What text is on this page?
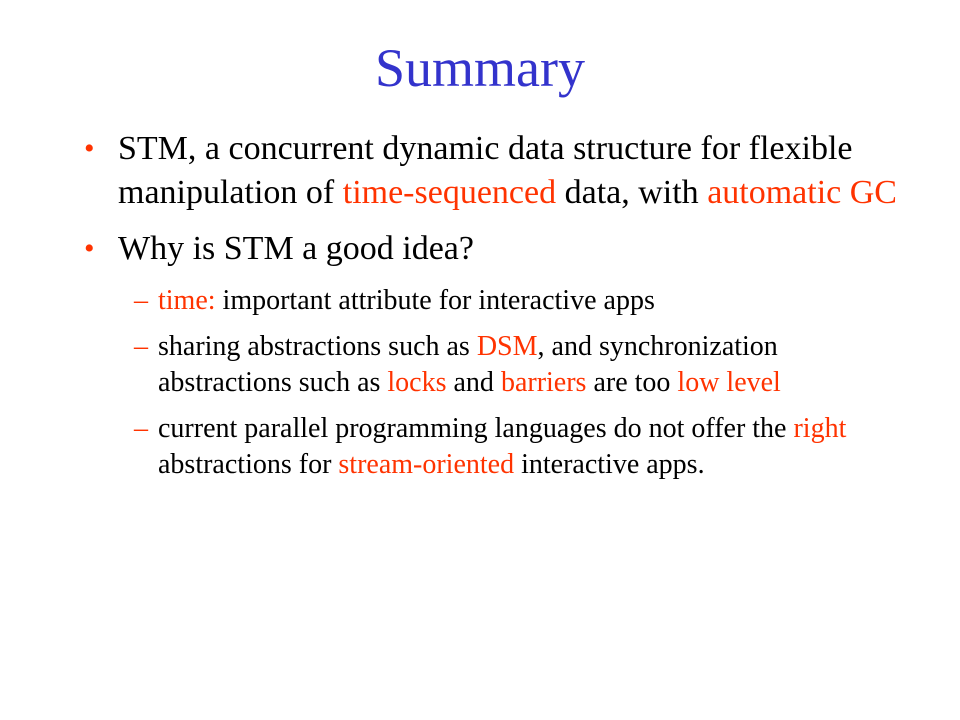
Summary
• STM, a concurrent dynamic data structure for flexible manipulation of time-sequenced data, with automatic GC
• Why is STM a good idea?
– time: important attribute for interactive apps
– sharing abstractions such as DSM, and synchronization abstractions such as locks and barriers are too low level
– current parallel programming languages do not offer the right abstractions for stream-oriented interactive apps.
